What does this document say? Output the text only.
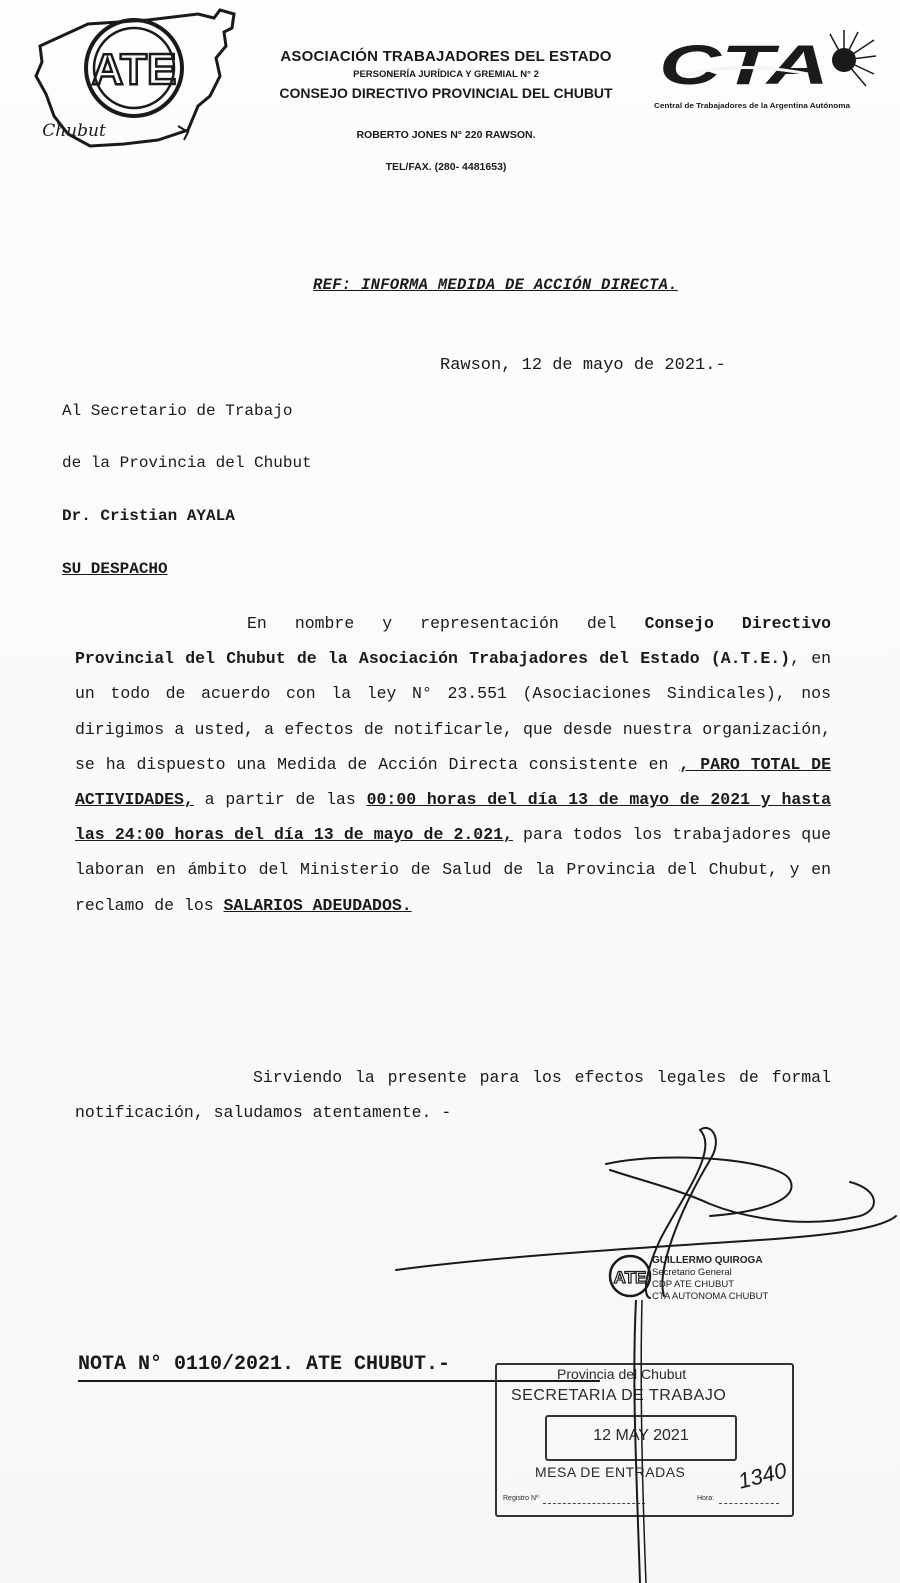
ATE
Chubut
ASOCIACIÓN TRABAJADORES DEL ESTADO
PERSONERÍA JURÍDICA Y GREMIAL N° 2
CONSEJO DIRECTIVO PROVINCIAL DEL CHUBUT
ROBERTO JONES N° 220 RAWSON.
TEL/FAX. (280- 4481653)
CTA
Central de Trabajadores de la Argentina Autónoma
REF: INFORMA MEDIDA DE ACCIÓN DIRECTA.
Rawson, 12 de mayo de 2021.-
Al Secretario de Trabajo
de la Provincia del Chubut
Dr. Cristian AYALA
SU DESPACHO
En nombre y representación del Consejo Directivo Provincial del Chubut de la Asociación Trabajadores del Estado (A.T.E.), en un todo de acuerdo con la ley N° 23.551 (Asociaciones Sindicales), nos dirigimos a usted, a efectos de notificarle, que desde nuestra organización, se ha dispuesto una Medida de Acción Directa consistente en , PARO TOTAL DE ACTIVIDADES, a partir de las 00:00 horas del día 13 de mayo de 2021 y hasta las 24:00 horas del día 13 de mayo de 2.021, para todos los trabajadores que laboran en ámbito del Ministerio de Salud de la Provincia del Chubut, y en reclamo de los SALARIOS ADEUDADOS.
Sirviendo la presente para los efectos legales de formal notificación, saludamos atentamente. -
ATE
GUILLERMO QUIROGA
Secretario General
CDP ATE CHUBUT
CTA AUTONOMA CHUBUT
NOTA N° 0110/2021. ATE CHUBUT.-	Provincia del Chubut
SECRETARIA DE TRABAJO
12 MAY 2021
MESA DE ENTRADAS
Registro Nº	Hora:
1340
